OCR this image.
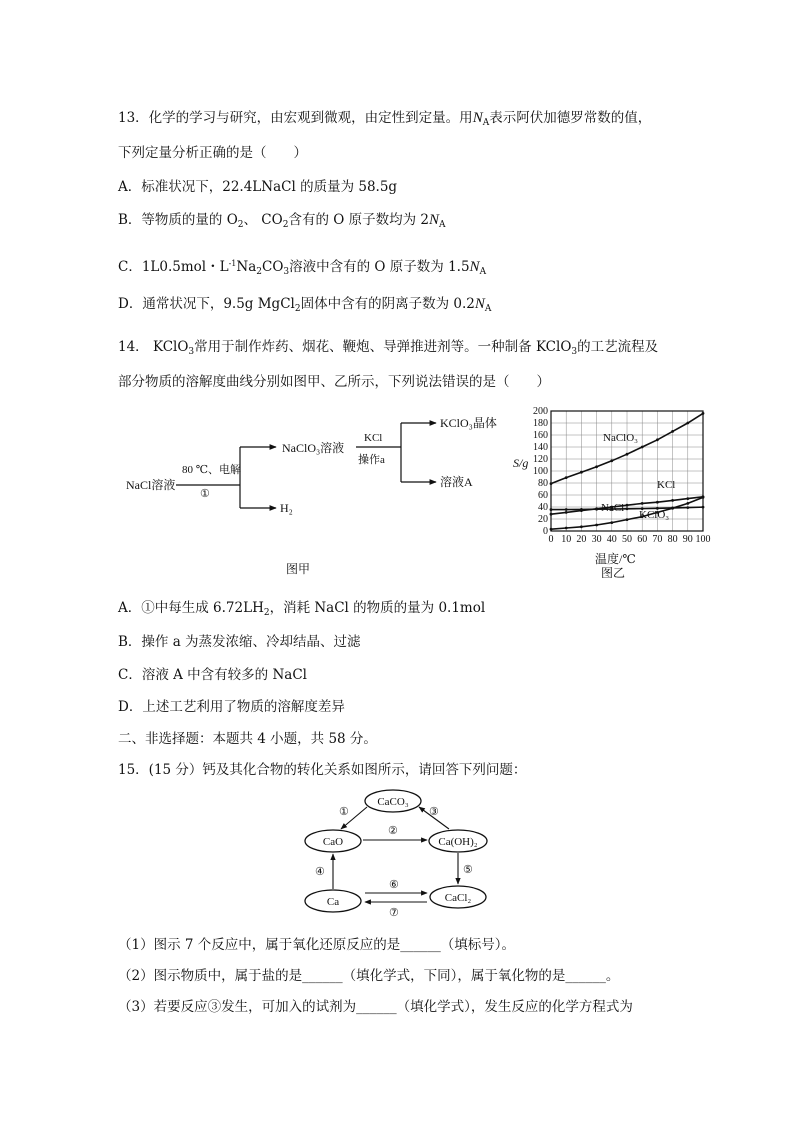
13．化学的学习与研究，由宏观到微观，由定性到定量。用$N_A$表示阿伏加德罗常数的值，
下列定量分析正确的是（　　）
A．标准状况下，22.4LNaCl 的质量为 58.5g
B．等物质的量的 $O_2$、 $CO_2$含有的 O 原子数均为 $2N_A$
C．1L0.5mol・$L^{-1}Na_2CO_3$溶液中含有的 O 原子数为 $1.5N_A$
D．通常状况下，9.5g MgCl$_2$固体中含有的阴离子数为 $0.2N_A$
14． KClO$_3$常用于制作炸药、烟花、鞭炮、导弹推进剂等。一种制备 KClO$_3$的工艺流程及
部分物质的溶解度曲线分别如图甲、乙所示，下列说法错误的是（　　）
NaCl溶液
80 ℃、电解
①
NaClO₃溶液
H₂
KCl
操作a
KClO₃晶体
溶液A
图甲
0
20
40
60
80
100
120
140
160
180
200
0 10 20 30 40 50 60 70 80 90 100
S/g
温度/℃
图乙
NaClO₃
KCl
NaCl
KClO₃
A．①中每生成 $6.72LH_2$，消耗 NaCl 的物质的量为 0.1mol
B．操作 a 为蒸发浓缩、冷却结晶、过滤
C．溶液 A 中含有较多的 NaCl
D．上述工艺利用了物质的溶解度差异
二、非选择题：本题共 4 小题，共 58 分。
15．(15 分）钙及其化合物的转化关系如图所示，请回答下列问题：
CaCO₃
CaO	Ca(OH)₂
Ca	CaCl₂
①
②
③
④	⑤
⑥
⑦
（1）图示 7 个反应中，属于氧化还原反应的是______（填标号）。
（2）图示物质中，属于盐的是______（填化学式，下同），属于氧化物的是______。
（3）若要反应③发生，可加入的试剂为______（填化学式），发生反应的化学方程式为
